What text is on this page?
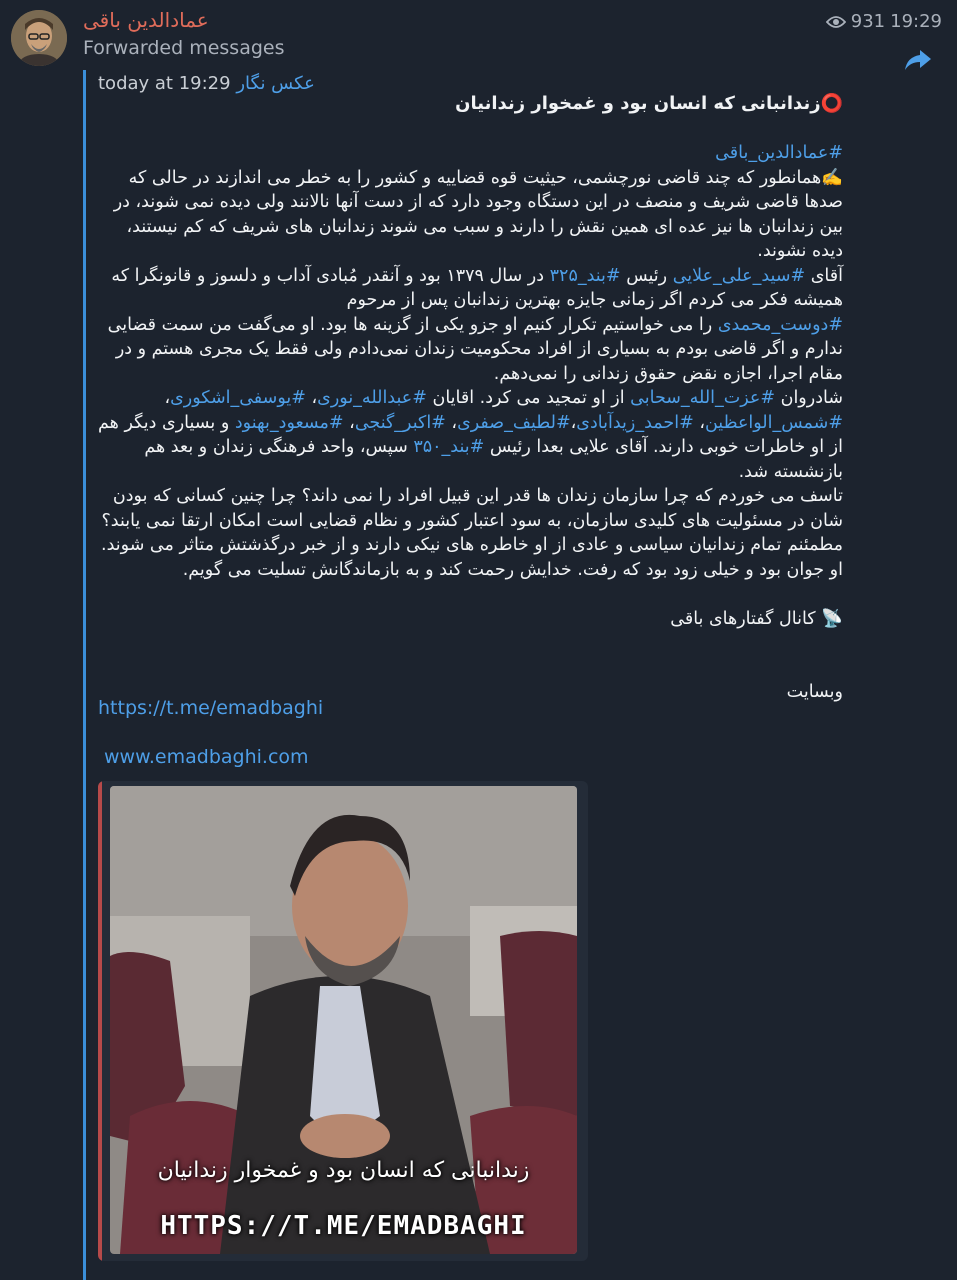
عمادالدین باقی
Forwarded messages
931 19:29
today at 19:29 عکس نگار
⭕️زندانبانی که انسان بود و غمخوار زندانیان
#عمادالدین_باقی
✍️همانطور که چند قاضی نورچشمی، حیثیت قوه قضاییه و کشور را به خطر می اندازند در حالی که صدها قاضی شریف و منصف در این دستگاه وجود دارد که از دست آنها نالانند ولی دیده نمی شوند، در بین زندانبان ها نیز عده ای همین نقش را دارند و سبب می شوند زندانبان های شریف که کم نیستند، دیده نشوند.
آقای #سید_علی_علایی رئیس #بند_۳۲۵ در سال ۱۳۷۹ بود و آنقدر مُبادی آداب و دلسوز و قانونگرا که همیشه فکر می کردم اگر زمانی جایزه بهترین زندانبان پس از مرحوم
#دوست_محمدی را می خواستیم تکرار کنیم او جزو یکی از گزینه ها بود. او می‌گفت من سمت قضایی ندارم و اگر قاضی بودم به بسیاری از افراد محکومیت زندان نمی‌دادم ولی فقط یک مجری هستم و در مقام اجرا، اجازه نقض حقوق زندانی را نمی‌دهم.
شادروان #عزت_الله_سحابی از او تمجید می کرد. اقایان #عبدالله_نوری، #یوسفی_اشکوری، #شمس_الواعظین، #احمد_زیدآبادی،#لطیف_صفری، #اکبر_گنجی، #مسعود_بهنود و بسیاری دیگر هم از او خاطرات خوبی دارند. آقای علایی بعدا رئیس #بند_۳۵۰ سپس، واحد فرهنگی زندان و بعد هم بازنشسته شد.
تاسف می خوردم که چرا سازمان زندان ها قدر این قبیل افراد را نمی داند؟ چرا چنین کسانی که بودن شان در مسئولیت های کلیدی سازمان، به سود اعتبار کشور و نظام قضایی است امکان ارتقا نمی یابند؟
مطمئنم تمام زندانیان سیاسی و عادی از او خاطره های نیکی دارند و از خبر درگذشتش متاثر می شوند. او جوان بود و خیلی زود بود که رفت. خدایش رحمت کند و به بازماندگانش تسلیت می گویم.
📡 کانال گفتارهای باقی
وبسایت
https://t.me/emadbaghi
www.emadbaghi.com
زندانبانی که انسان بود و غمخوار زندانیان
HTTPS://T.ME/EMADBAGHI
